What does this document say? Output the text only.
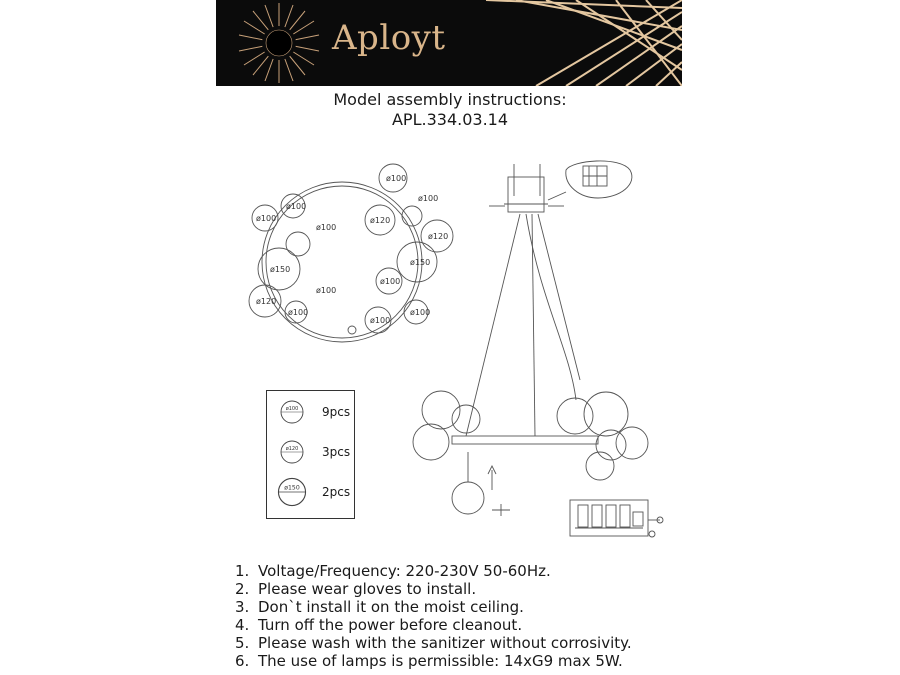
Aployt
Model assembly instructions:
APL.334.03.14
ø100
ø100
ø100	ø120
ø100
ø100
ø120
ø150
ø150
ø100
ø100
ø100
ø120
ø100
ø100
ø100 9pcs
ø120 3pcs
ø150 2pcs
1. Voltage/Frequency: 220-230V 50-60Hz.
2. Please wear gloves to install.
3. Don`t install it on the moist ceiling.
4. Turn off the power before cleanout.
5. Please wash with the sanitizer without corrosivity.
6. The use of lamps is permissible: 14xG9 max 5W.
